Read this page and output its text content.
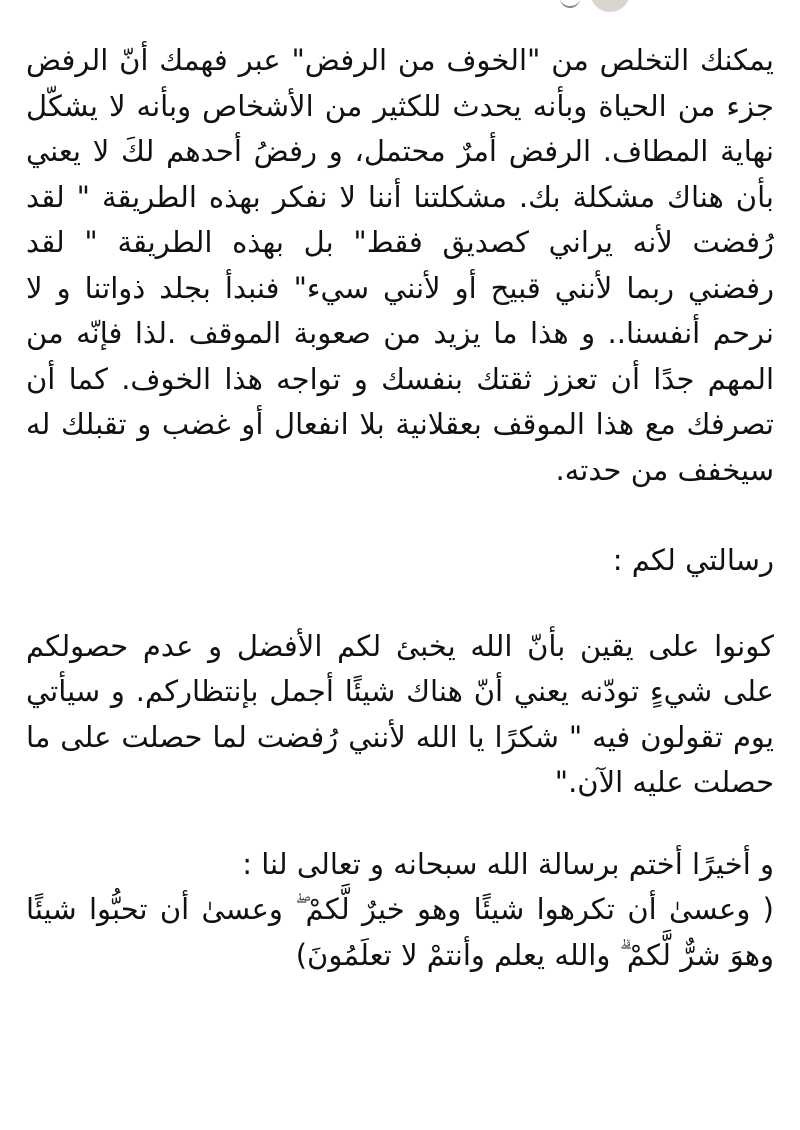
يمكنك التخلص من "الخوف من الرفض" عبر فهمك أنّ الرفض جزء من الحياة وبأنه يحدث للكثير من الأشخاص وبأنه لا يشكّل نهاية المطاف. الرفض أمرٌ محتمل، و رفضُ أحدهم لكَ لا يعني بأن هناك مشكلة بك. مشكلتنا أننا لا نفكر بهذه الطريقة " لقد رُفضت لأنه يراني كصديق فقط" بل بهذه الطريقة " لقد رفضني ربما لأنني قبيح أو لأنني سيء" فنبدأ بجلد ذواتنا و لا نرحم أنفسنا.. و هذا ما يزيد من صعوبة الموقف .لذا فإنّه من المهم جدًا أن تعزز ثقتك بنفسك و تواجه هذا الخوف. كما أن تصرفك مع هذا الموقف بعقلانية بلا انفعال أو غضب و تقبلك له سيخفف من حدته.

رسالتي لكم :

كونوا على يقين بأنّ الله يخبئ لكم الأفضل و عدم حصولكم على شيءٍ تودّنه يعني أنّ هناك شيئًا أجمل بإنتظاركم. و سيأتي يوم تقولون فيه " شكرًا يا الله لأنني رُفضت لما حصلت على ما حصلت عليه الآن."

و أخيرًا أختم برسالة الله سبحانه و تعالى لنا :
( وعسىٰ أن تكرهوا شيئًا وهو خيرٌ لَّكمْ ۖ وعسىٰ أن تحبُّوا شيئًا وهوَ شرٌّ لَّكمْ ۗ والله يعلم وأنتمْ لا تعلَمُونَ)
